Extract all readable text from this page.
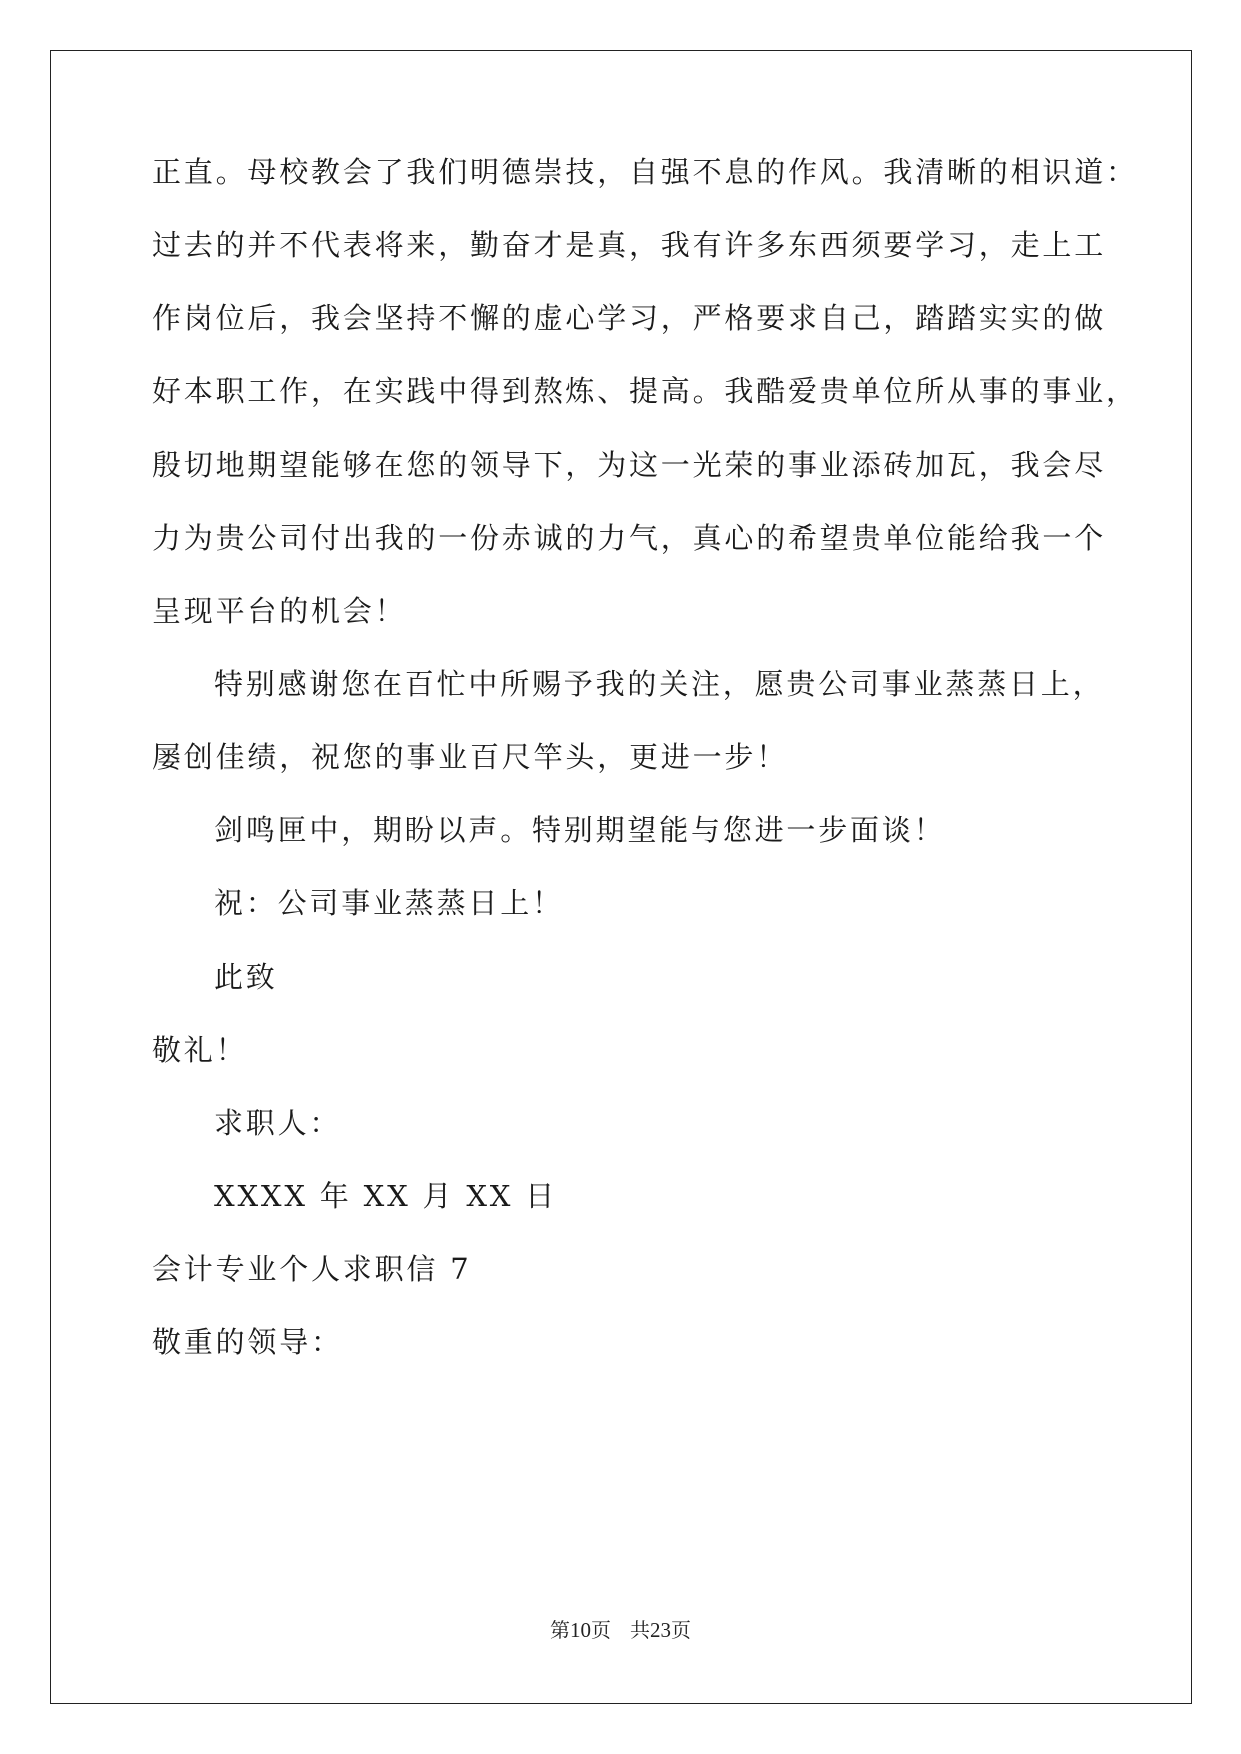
正直。母校教会了我们明德崇技，自强不息的作风。我清晰的相识道：
过去的并不代表将来，勤奋才是真，我有许多东西须要学习，走上工
作岗位后，我会坚持不懈的虚心学习，严格要求自己，踏踏实实的做
好本职工作，在实践中得到熬炼、提高。我酷爱贵单位所从事的事业，
殷切地期望能够在您的领导下，为这一光荣的事业添砖加瓦，我会尽
力为贵公司付出我的一份赤诚的力气，真心的希望贵单位能给我一个
呈现平台的机会！
特别感谢您在百忙中所赐予我的关注，愿贵公司事业蒸蒸日上，
屡创佳绩，祝您的事业百尺竿头，更进一步！
剑鸣匣中，期盼以声。特别期望能与您进一步面谈！
祝：公司事业蒸蒸日上！
此致
敬礼！
求职人：
XXXX 年 XX 月 XX 日
会计专业个人求职信 7
敬重的领导：
第10页 共23页
